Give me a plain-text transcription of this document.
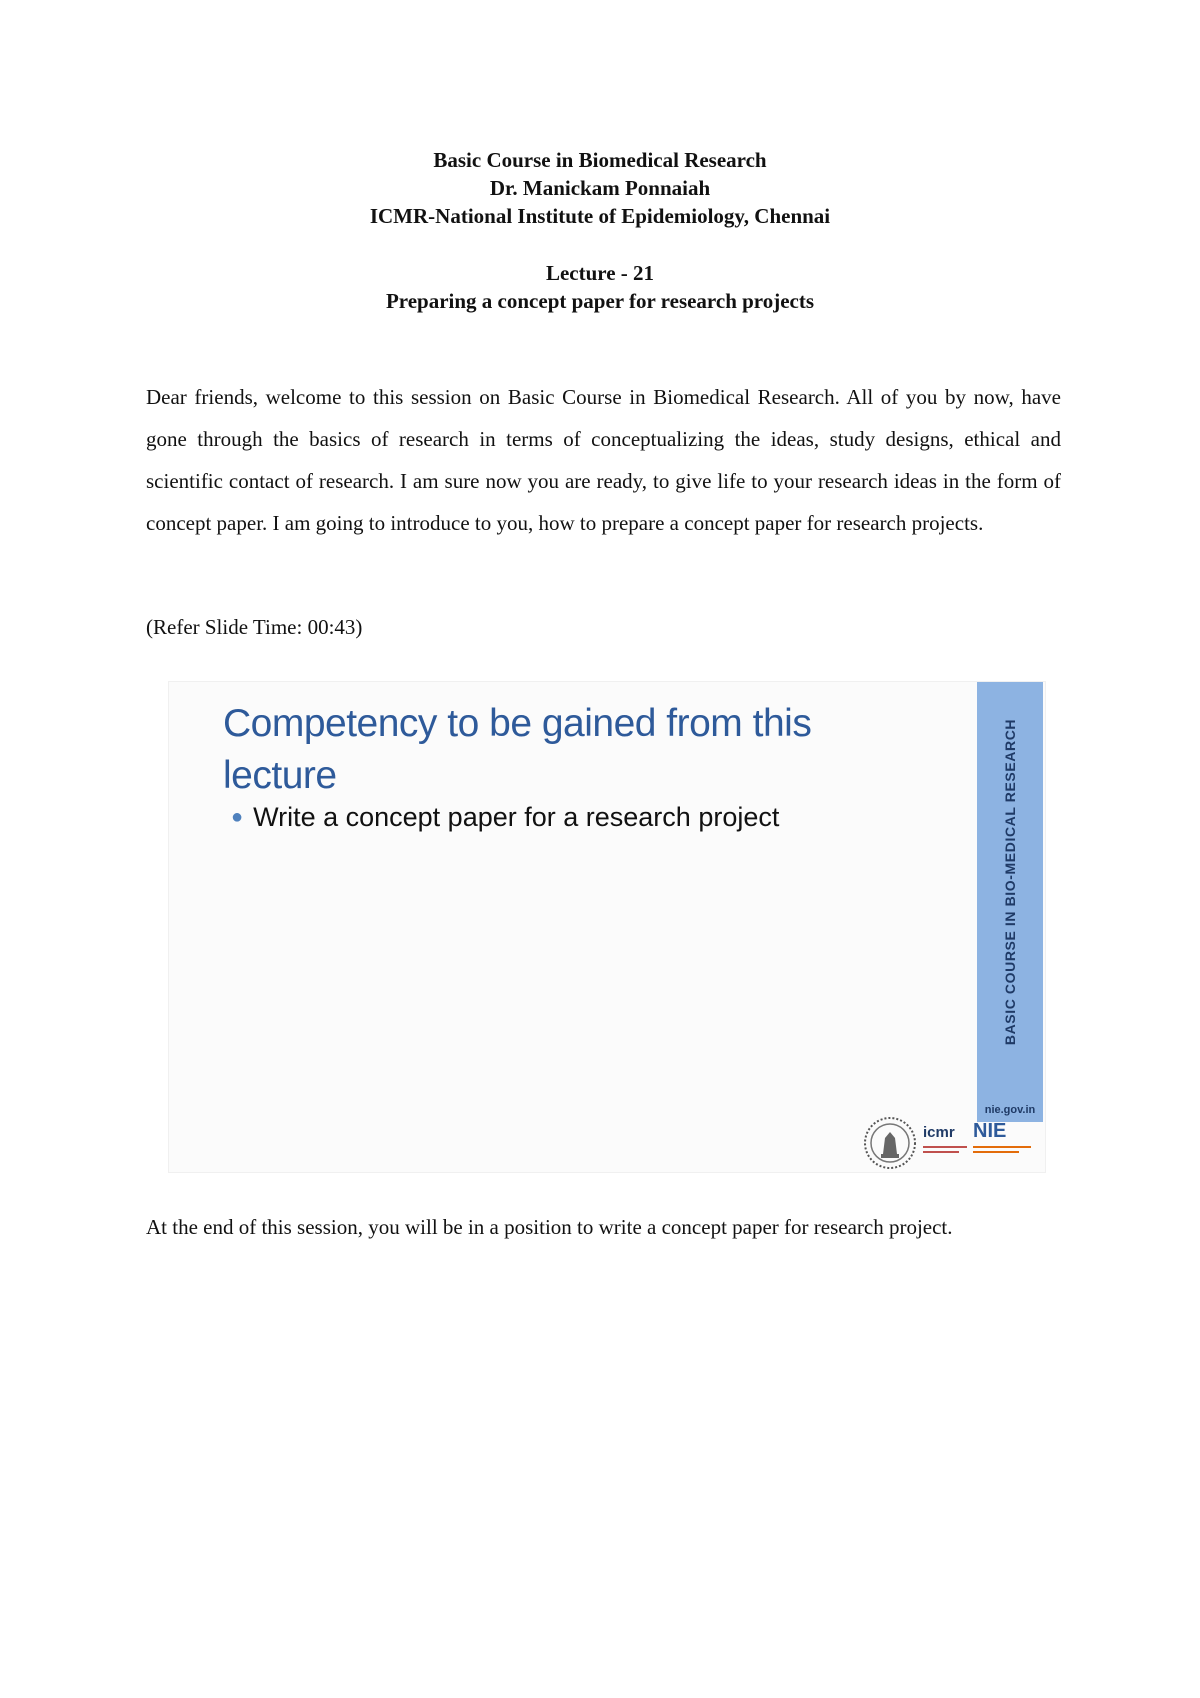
Basic Course in Biomedical Research
Dr. Manickam Ponnaiah
ICMR-National Institute of Epidemiology, Chennai
Lecture - 21
Preparing a concept paper for research projects

Dear friends, welcome to this session on Basic Course in Biomedical Research. All of you by now, have gone through the basics of research in terms of conceptualizing the ideas, study designs, ethical and scientific contact of research. I am sure now you are ready, to give life to your research ideas in the form of concept paper. I am going to introduce to you, how to prepare a concept paper for research projects.

(Refer Slide Time: 00:43)
Competency to be gained from this lecture
● Write a concept paper for a research project	BASIC COURSE IN BIO-MEDICAL RESEARCH
nie.gov.in
icmr NIE

At the end of this session, you will be in a position to write a concept paper for research project.
